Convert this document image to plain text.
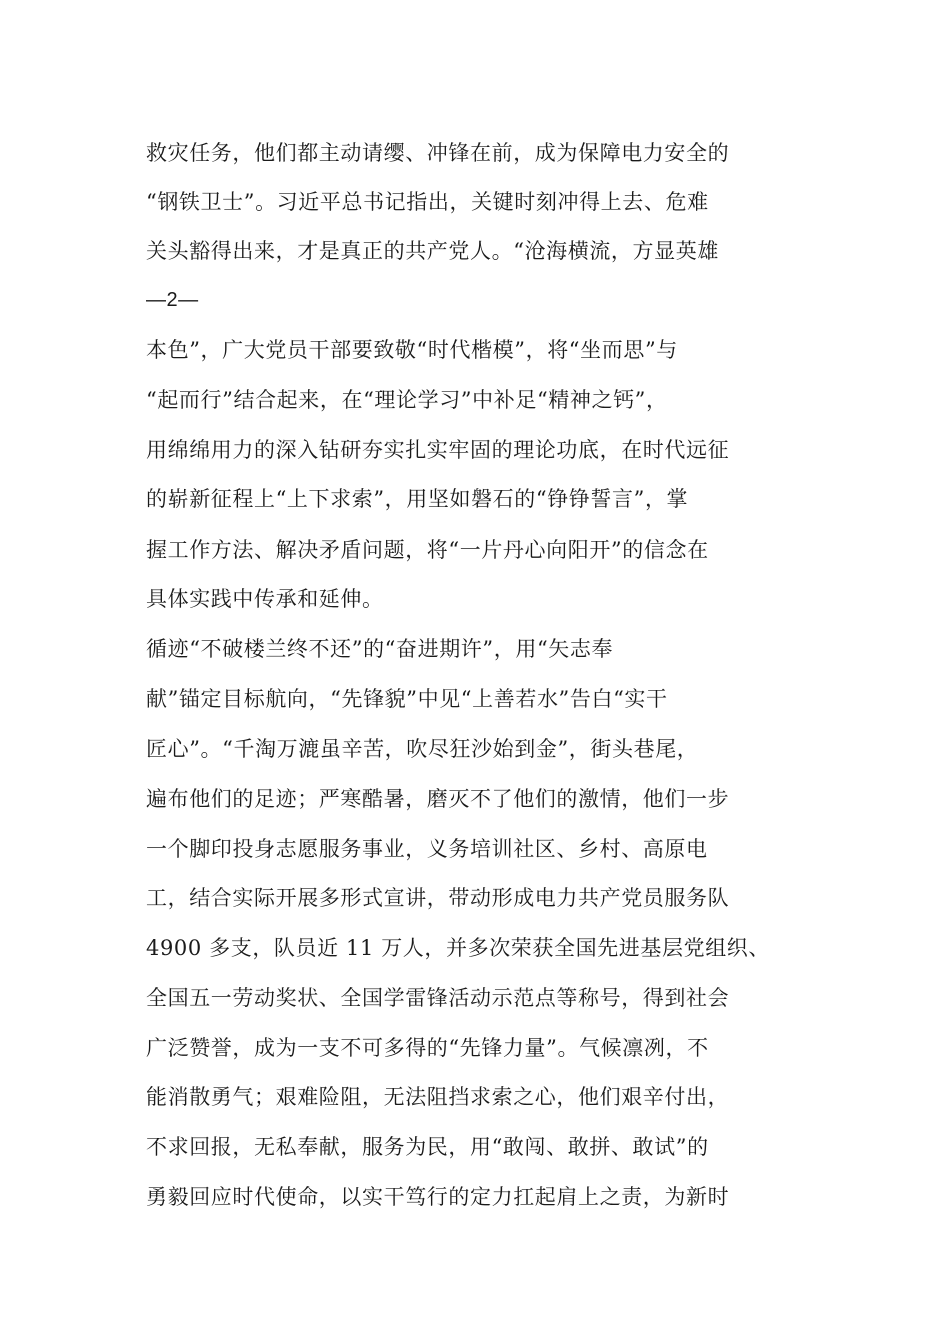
救灾任务，他们都主动请缨、冲锋在前，成为保障电力安全的
“钢铁卫士”。习近平总书记指出，关键时刻冲得上去、危难
关头豁得出来，才是真正的共产党人。“沧海横流，方显英雄
—2—
本色”，广大党员干部要致敬“时代楷模”，将“坐而思”与
“起而行”结合起来，在“理论学习”中补足“精神之钙”，
用绵绵用力的深入钻研夯实扎实牢固的理论功底，在时代远征
的崭新征程上“上下求索”，用坚如磐石的“铮铮誓言”，掌
握工作方法、解决矛盾问题，将“一片丹心向阳开”的信念在
具体实践中传承和延伸。
循迹“不破楼兰终不还”的“奋进期许”，用“矢志奉
献”锚定目标航向，“先锋貌”中见“上善若水”告白“实干
匠心”。“千淘万漉虽辛苦，吹尽狂沙始到金”，街头巷尾，
遍布他们的足迹；严寒酷暑，磨灭不了他们的激情，他们一步
一个脚印投身志愿服务事业，义务培训社区、乡村、高原电
工，结合实际开展多形式宣讲，带动形成电力共产党员服务队
4900 多支，队员近 11 万人，并多次荣获全国先进基层党组织、
全国五一劳动奖状、全国学雷锋活动示范点等称号，得到社会
广泛赞誉，成为一支不可多得的“先锋力量”。气候凛冽，不
能消散勇气；艰难险阻，无法阻挡求索之心，他们艰辛付出，
不求回报，无私奉献，服务为民，用“敢闯、敢拼、敢试”的
勇毅回应时代使命，以实干笃行的定力扛起肩上之责，为新时
